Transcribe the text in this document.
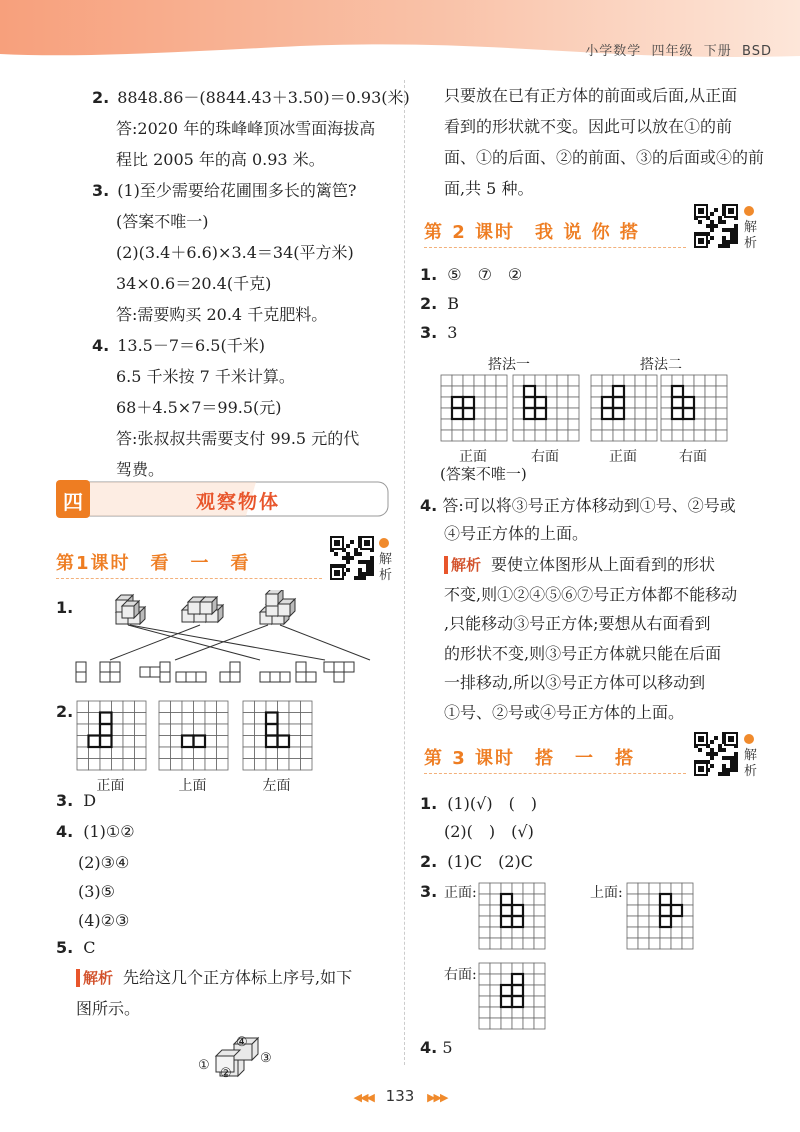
小学数学 四年级 下册 BSD
2. 8848.86－(8844.43＋3.50)＝0.93(米)
答:2020 年的珠峰峰顶冰雪面海拔高
程比 2005 年的高 0.93 米。
3. (1)至少需要给花圃围多长的篱笆?
(答案不唯一)
(2)(3.4＋6.6)×3.4＝34(平方米)
34×0.6＝20.4(千克)
答:需要购买 20.4 千克肥料。
4. 13.5－7＝6.5(千米)
6.5 千米按 7 千米计算。
68＋4.5×7＝99.5(元)
答:张叔叔共需要支付 99.5 元的代
驾费。
四	观察物体
第1课时　看　一　看	解析
1.
2.
正面	上面	左面
3. D
4. (1)①②
(2)③④
(3)⑤
(4)②③
5. C
解析 先给这几个正方体标上序号,如下
图所示。
①
②
③
④
只要放在已有正方体的前面或后面,从正面
看到的形状就不变。因此可以放在①的前
面、①的后面、②的前面、③的后面或④的前
面,共 5 种。
第 2 课时　我 说 你 搭	解析
1. ⑤　⑦　②
2. B
3. 3
搭法一	搭法二
正面	右面	正面	右面
(答案不唯一)
4. 答:可以将③号正方体移动到①号、②号或
④号正方体的上面。
解析 要使立体图形从上面看到的形状
不变,则①②④⑤⑥⑦号正方体都不能移动
,只能移动③号正方体;要想从右面看到
的形状不变,则③号正方体就只能在后面
一排移动,所以③号正方体可以移动到
①号、②号或④号正方体的上面。
第 3 课时　搭　一　搭	解析
1. (1)(√)　(　)
(2)(　)　(√)
2. (1)C　(2)C
3. 正面:	上面:
右面:
4. 5
◀◀◀ 133 ▶▶▶
